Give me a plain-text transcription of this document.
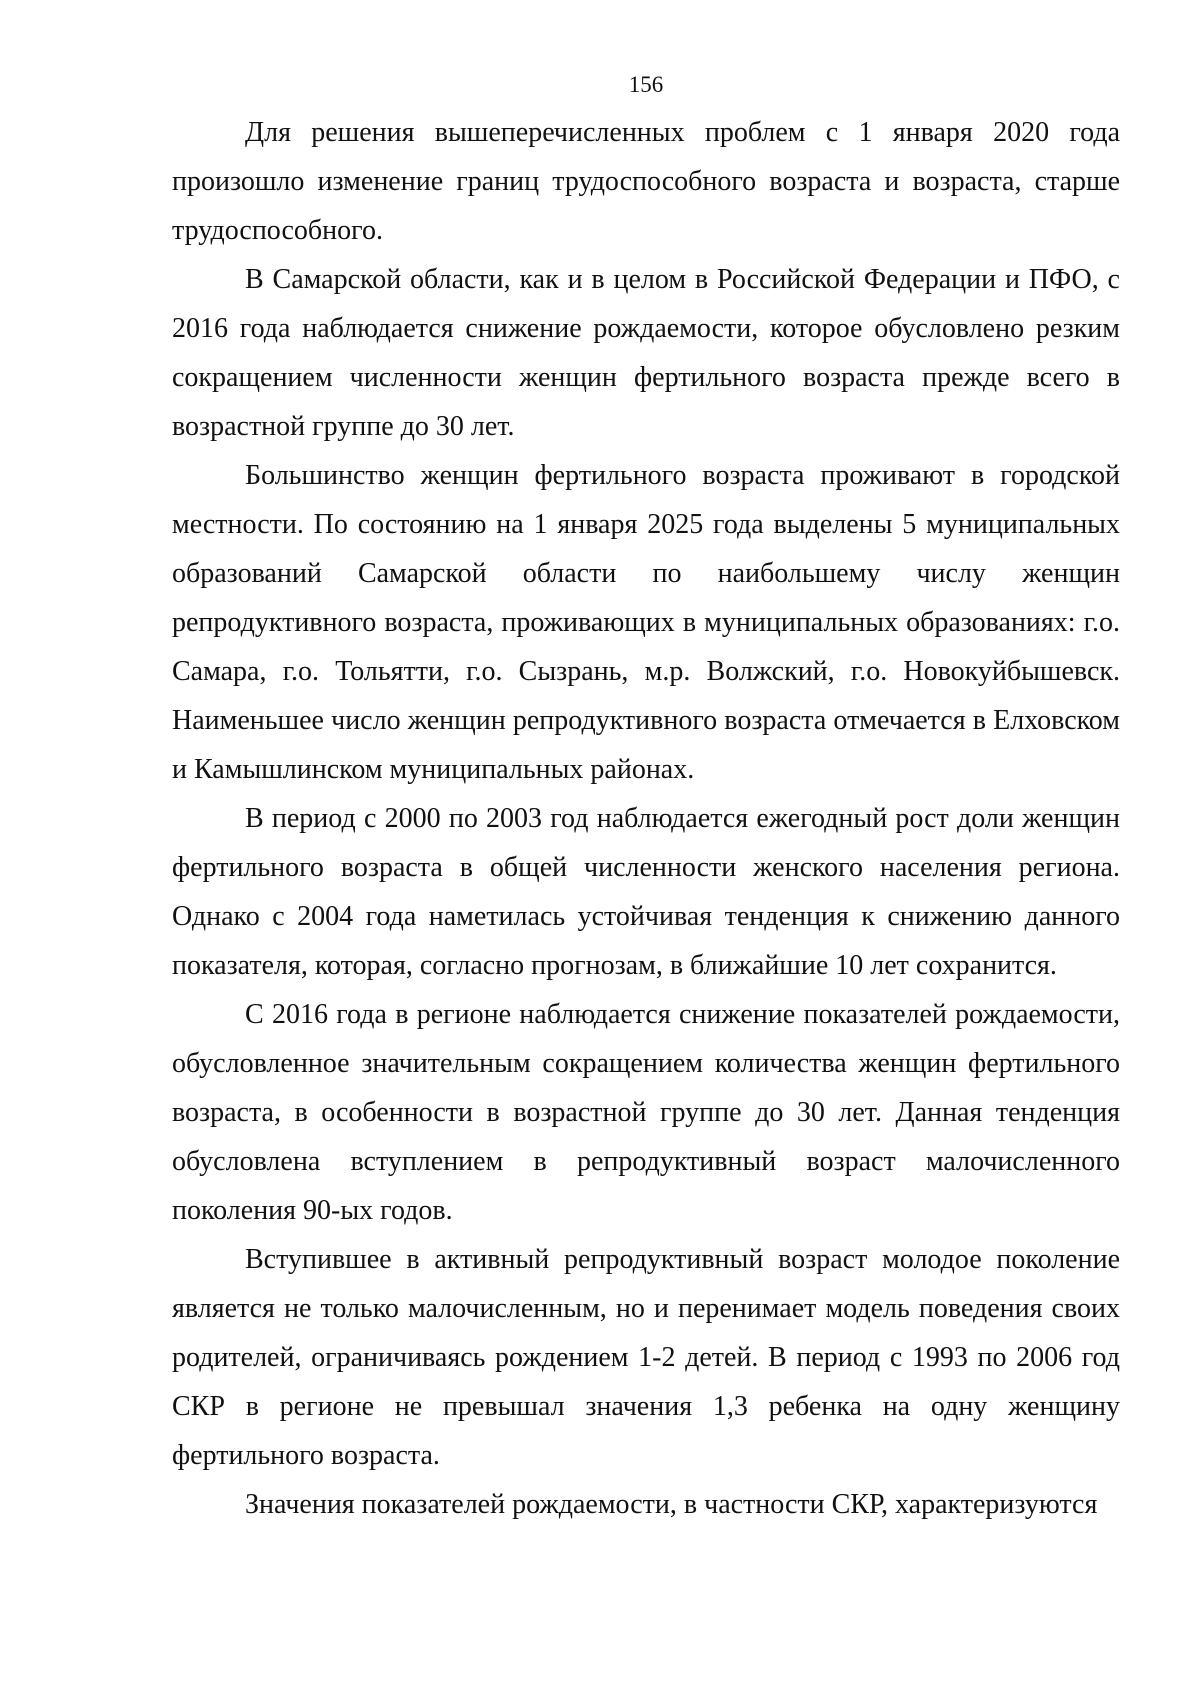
156

Для решения вышеперечисленных проблем с 1 января 2020 года произошло изменение границ трудоспособного возраста и возраста, старше трудоспособного.

В Самарской области, как и в целом в Российской Федерации и ПФО, с 2016 года наблюдается снижение рождаемости, которое обусловлено резким сокращением численности женщин фертильного возраста прежде всего в возрастной группе до 30 лет.

Большинство женщин фертильного возраста проживают в городской местности. По состоянию на 1 января 2025 года выделены 5 муниципальных образований Самарской области по наибольшему числу женщин репродуктивного возраста, проживающих в муниципальных образованиях: г.о. Самара, г.о. Тольятти, г.о. Сызрань, м.р. Волжский, г.о. Новокуйбышевск. Наименьшее число женщин репродуктивного возраста отмечается в Елховском и Камышлинском муниципальных районах.

В период с 2000 по 2003 год наблюдается ежегодный рост доли женщин фертильного возраста в общей численности женского населения региона. Однако с 2004 года наметилась устойчивая тенденция к снижению данного показателя, которая, согласно прогнозам, в ближайшие 10 лет сохранится.

С 2016 года в регионе наблюдается снижение показателей рождаемости, обусловленное значительным сокращением количества женщин фертильного возраста, в особенности в возрастной группе до 30 лет. Данная тенденция обусловлена вступлением в репродуктивный возраст малочисленного поколения 90-ых годов.

Вступившее в активный репродуктивный возраст молодое поколение является не только малочисленным, но и перенимает модель поведения своих родителей, ограничиваясь рождением 1-2 детей. В период с 1993 по 2006 год СКР в регионе не превышал значения 1,3 ребенка на одну женщину фертильного возраста.

Значения показателей рождаемости, в частности СКР, характеризуются
